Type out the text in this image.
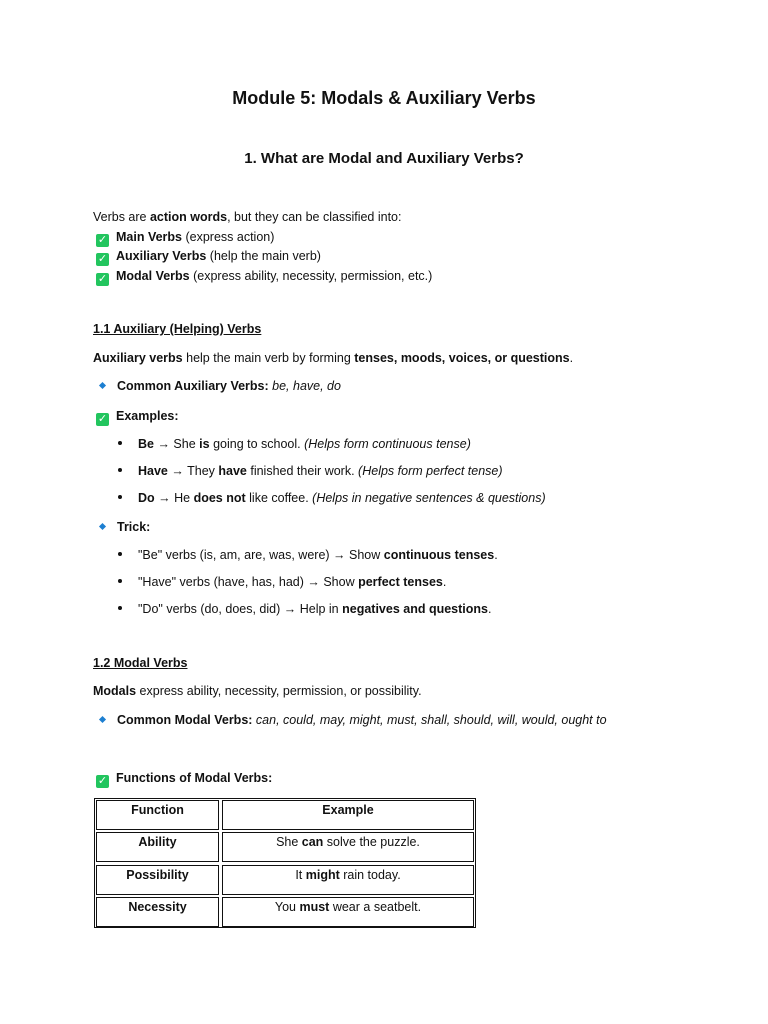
Module 5: Modals & Auxiliary Verbs
1. What are Modal and Auxiliary Verbs?
Verbs are action words, but they can be classified into:
✓ Main Verbs (express action)
✓ Auxiliary Verbs (help the main verb)
✓ Modal Verbs (express ability, necessity, permission, etc.)
1.1 Auxiliary (Helping) Verbs
Auxiliary verbs help the main verb by forming tenses, moods, voices, or questions.
Common Auxiliary Verbs: be, have, do
✓ Examples:
Be → She is going to school. (Helps form continuous tense)
Have → They have finished their work. (Helps form perfect tense)
Do → He does not like coffee. (Helps in negative sentences & questions)
Trick:
"Be" verbs (is, am, are, was, were) → Show continuous tenses.
"Have" verbs (have, has, had) → Show perfect tenses.
"Do" verbs (do, does, did) → Help in negatives and questions.
1.2 Modal Verbs
Modals express ability, necessity, permission, or possibility.
Common Modal Verbs: can, could, may, might, must, shall, should, will, would, ought to
✓ Functions of Modal Verbs:
Function	Example
Ability	She can solve the puzzle.
Possibility	It might rain today.
Necessity	You must wear a seatbelt.
